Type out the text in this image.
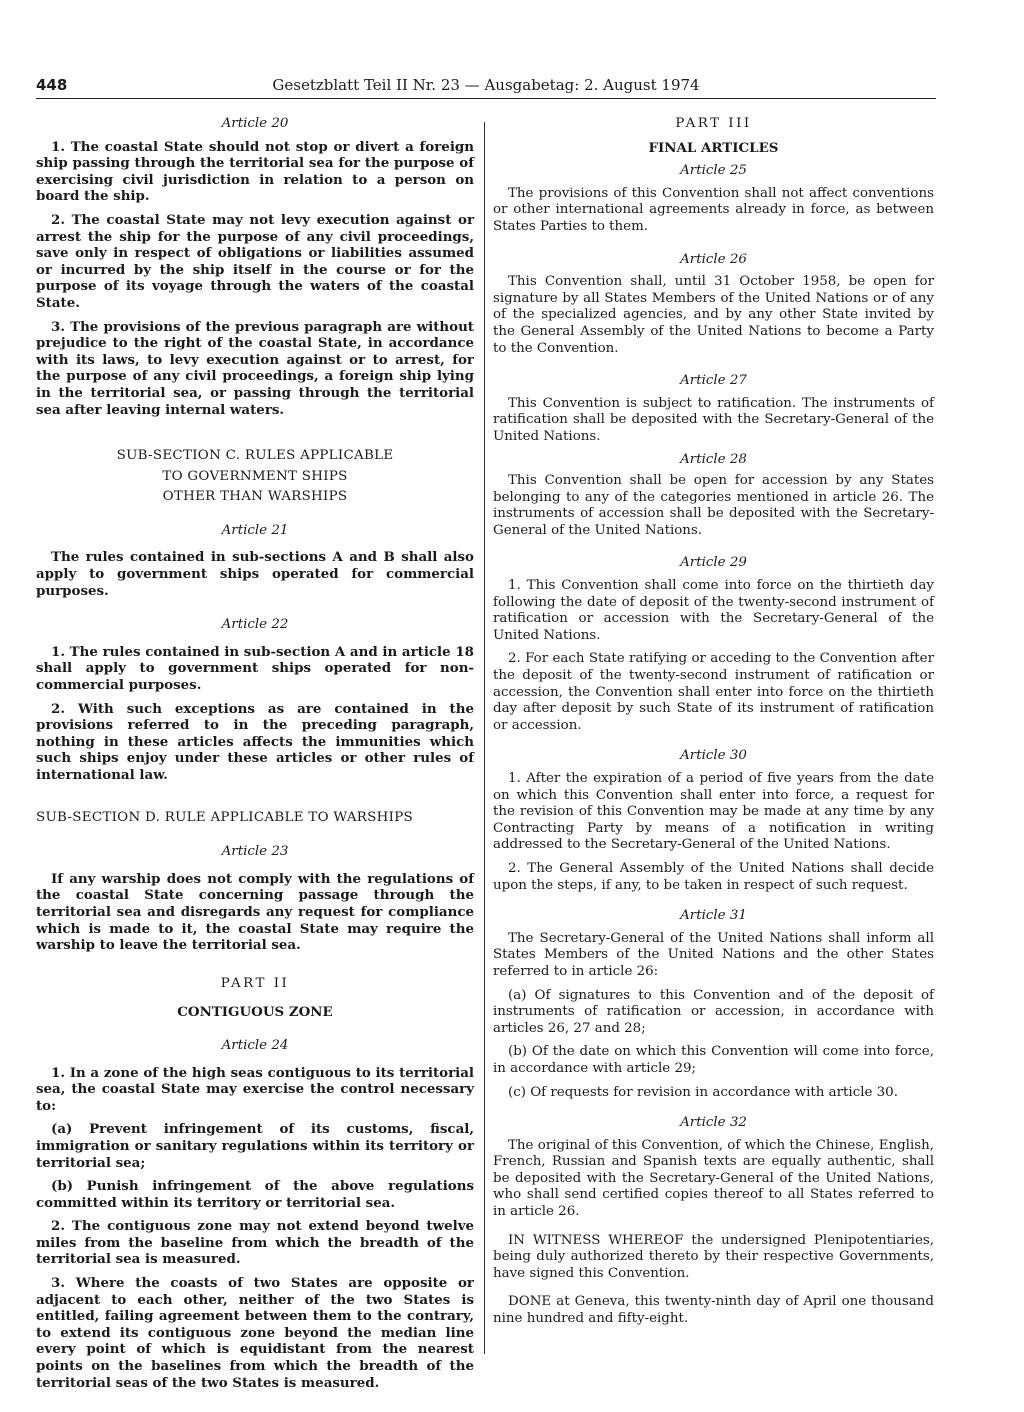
448	Gesetzblatt Teil II Nr. 23 — Ausgabetag: 2. August 1974

Article 20

1. The coastal State should not stop or divert a foreign ship passing through the territorial sea for the purpose of exercising civil jurisdiction in relation to a person on board the ship.

2. The coastal State may not levy execution against or arrest the ship for the purpose of any civil proceedings, save only in respect of obligations or liabilities assumed or incurred by the ship itself in the course or for the purpose of its voyage through the waters of the coastal State.

3. The provisions of the previous paragraph are without prejudice to the right of the coastal State, in accordance with its laws, to levy execution against or to arrest, for the purpose of any civil proceedings, a foreign ship lying in the territorial sea, or passing through the territorial sea after leaving internal waters.

SUB-SECTION C. RULES APPLICABLE

TO GOVERNMENT SHIPS

OTHER THAN WARSHIPS

Article 21

The rules contained in sub-sections A and B shall also apply to government ships operated for commercial purposes.

Article 22

1. The rules contained in sub-section A and in article 18 shall apply to government ships operated for non-commercial purposes.

2. With such exceptions as are contained in the provisions referred to in the preceding paragraph, nothing in these articles affects the immunities which such ships enjoy under these articles or other rules of international law.

SUB-SECTION D. RULE APPLICABLE TO WARSHIPS

Article 23

If any warship does not comply with the regulations of the coastal State concerning passage through the territorial sea and disregards any request for compliance which is made to it, the coastal State may require the warship to leave the territorial sea.

PART II

CONTIGUOUS ZONE

Article 24

1. In a zone of the high seas contiguous to its territorial sea, the coastal State may exercise the control necessary to:

(a) Prevent infringement of its customs, fiscal, immigration or sanitary regulations within its territory or territorial sea;

(b) Punish infringement of the above regulations committed within its territory or territorial sea.

2. The contiguous zone may not extend beyond twelve miles from the baseline from which the breadth of the territorial sea is measured.

3. Where the coasts of two States are opposite or adjacent to each other, neither of the two States is entitled, failing agreement between them to the contrary, to extend its contiguous zone beyond the median line every point of which is equidistant from the nearest points on the baselines from which the breadth of the territorial seas of the two States is measured.

PART III

FINAL ARTICLES

Article 25

The provisions of this Convention shall not affect conventions or other international agreements already in force, as between States Parties to them.

Article 26

This Convention shall, until 31 October 1958, be open for signature by all States Members of the United Nations or of any of the specialized agencies, and by any other State invited by the General Assembly of the United Nations to become a Party to the Convention.

Article 27

This Convention is subject to ratification. The instruments of ratification shall be deposited with the Secretary-General of the United Nations.

Article 28

This Convention shall be open for accession by any States belonging to any of the categories mentioned in article 26. The instruments of accession shall be deposited with the Secretary-General of the United Nations.

Article 29

1. This Convention shall come into force on the thirtieth day following the date of deposit of the twenty-second instrument of ratification or accession with the Secretary-General of the United Nations.

2. For each State ratifying or acceding to the Convention after the deposit of the twenty-second instrument of ratification or accession, the Convention shall enter into force on the thirtieth day after deposit by such State of its instrument of ratification or accession.

Article 30

1. After the expiration of a period of five years from the date on which this Convention shall enter into force, a request for the revision of this Convention may be made at any time by any Contracting Party by means of a notification in writing addressed to the Secretary-General of the United Nations.

2. The General Assembly of the United Nations shall decide upon the steps, if any, to be taken in respect of such request.

Article 31

The Secretary-General of the United Nations shall inform all States Members of the United Nations and the other States referred to in article 26:

(a) Of signatures to this Convention and of the deposit of instruments of ratification or accession, in accordance with articles 26, 27 and 28;

(b) Of the date on which this Convention will come into force, in accordance with article 29;

(c) Of requests for revision in accordance with article 30.

Article 32

The original of this Convention, of which the Chinese, English, French, Russian and Spanish texts are equally authentic, shall be deposited with the Secretary-General of the United Nations, who shall send certified copies thereof to all States referred to in article 26.

IN WITNESS WHEREOF the undersigned Plenipotentiaries, being duly authorized thereto by their respective Governments, have signed this Convention.

DONE at Geneva, this twenty-ninth day of April one thousand nine hundred and fifty-eight.
